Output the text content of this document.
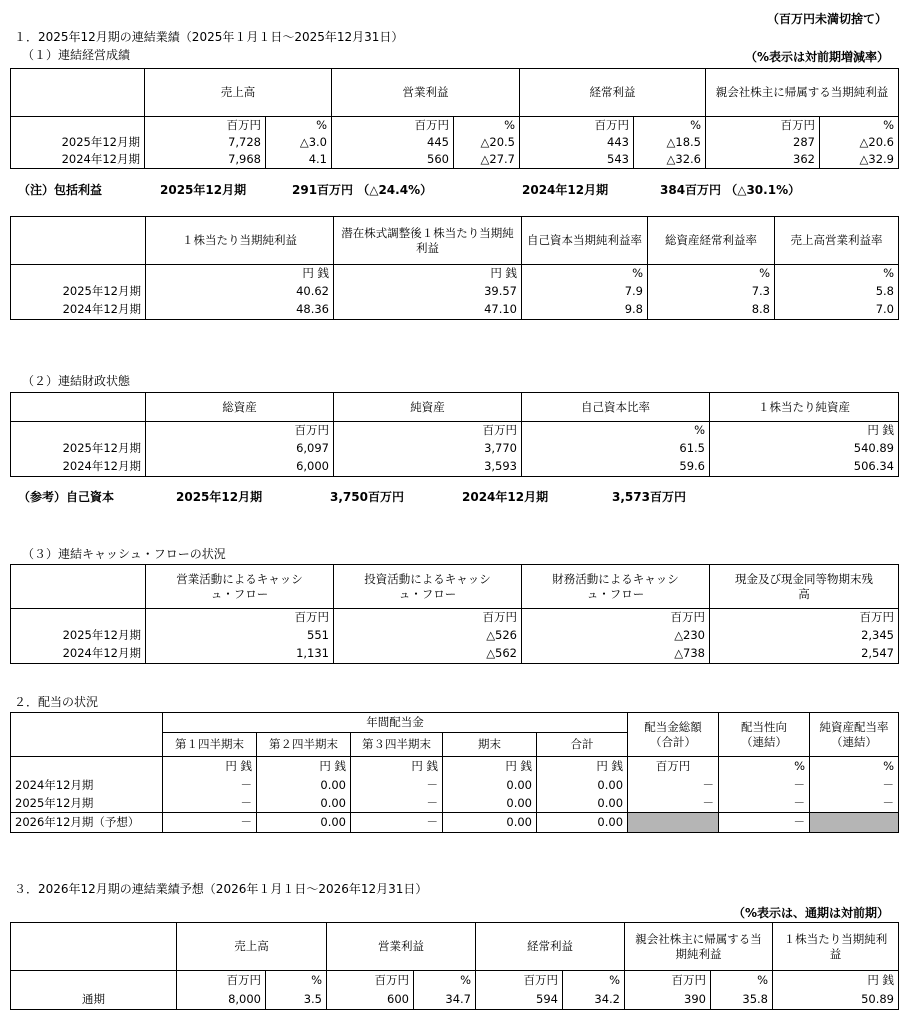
（百万円未満切捨て）
１．2025年12月期の連結業績（2025年１月１日～2025年12月31日）
（１）連結経営成績	（%表示は対前期増減率）
	売上高		営業利益		経常利益		親会社株主に帰属する当期純利益	
	百万円	%	百万円	%	百万円	%	百万円	%
2025年12月期	7,728	△3.0	445	△20.5	443	△18.5	287	△20.6
2024年12月期	7,968	4.1	560	△27.7	543	△32.6	362	△32.9
（注）包括利益	2025年12月期	291百万円 （△24.4%）	2024年12月期	384百万円 （△30.1%）
	１株当たり当期純利益	潜在株式調整後１株当たり当期純利益	自己資本当期純利益率	総資産経常利益率	売上高営業利益率
	円 銭	円 銭	%	%	%
2025年12月期	40.62	39.57	7.9	7.3	5.8
2024年12月期	48.36	47.10	9.8	8.8	7.0
（２）連結財政状態
	総資産	純資産	自己資本比率	１株当たり純資産
	百万円	百万円	%	円 銭
2025年12月期	6,097	3,770	61.5	540.89
2024年12月期	6,000	3,593	59.6	506.34
（参考）自己資本	2025年12月期	3,750百万円	2024年12月期	3,573百万円
（３）連結キャッシュ・フローの状況
	営業活動によるキャッシュ・フロー	投資活動によるキャッシュ・フロー	財務活動によるキャッシュ・フロー	現金及び現金同等物期末残高
	百万円	百万円	百万円	百万円
2025年12月期	551	△526	△230	2,345
2024年12月期	1,131	△562	△738	2,547
２．配当の状況
	年間配当金					配当金総額（合計）	配当性向（連結）	純資産配当率（連結）
	第１四半期末	第２四半期末	第３四半期末	期末	合計			
	円 銭	円 銭	円 銭	円 銭	円 銭	百万円	%	%
2024年12月期	－	0.00	－	0.00	0.00	－	－	－
2025年12月期	－	0.00	－	0.00	0.00	－	－	－
2026年12月期（予想）	－	0.00	－	0.00	0.00		－	
３．2026年12月期の連結業績予想（2026年１月１日～2026年12月31日）
（%表示は、通期は対前期）
	売上高		営業利益		経常利益		親会社株主に帰属する当期純利益		１株当たり当期純利益
	百万円	%	百万円	%	百万円	%	百万円	%	円 銭
通期	8,000	3.5	600	34.7	594	34.2	390	35.8	50.89
